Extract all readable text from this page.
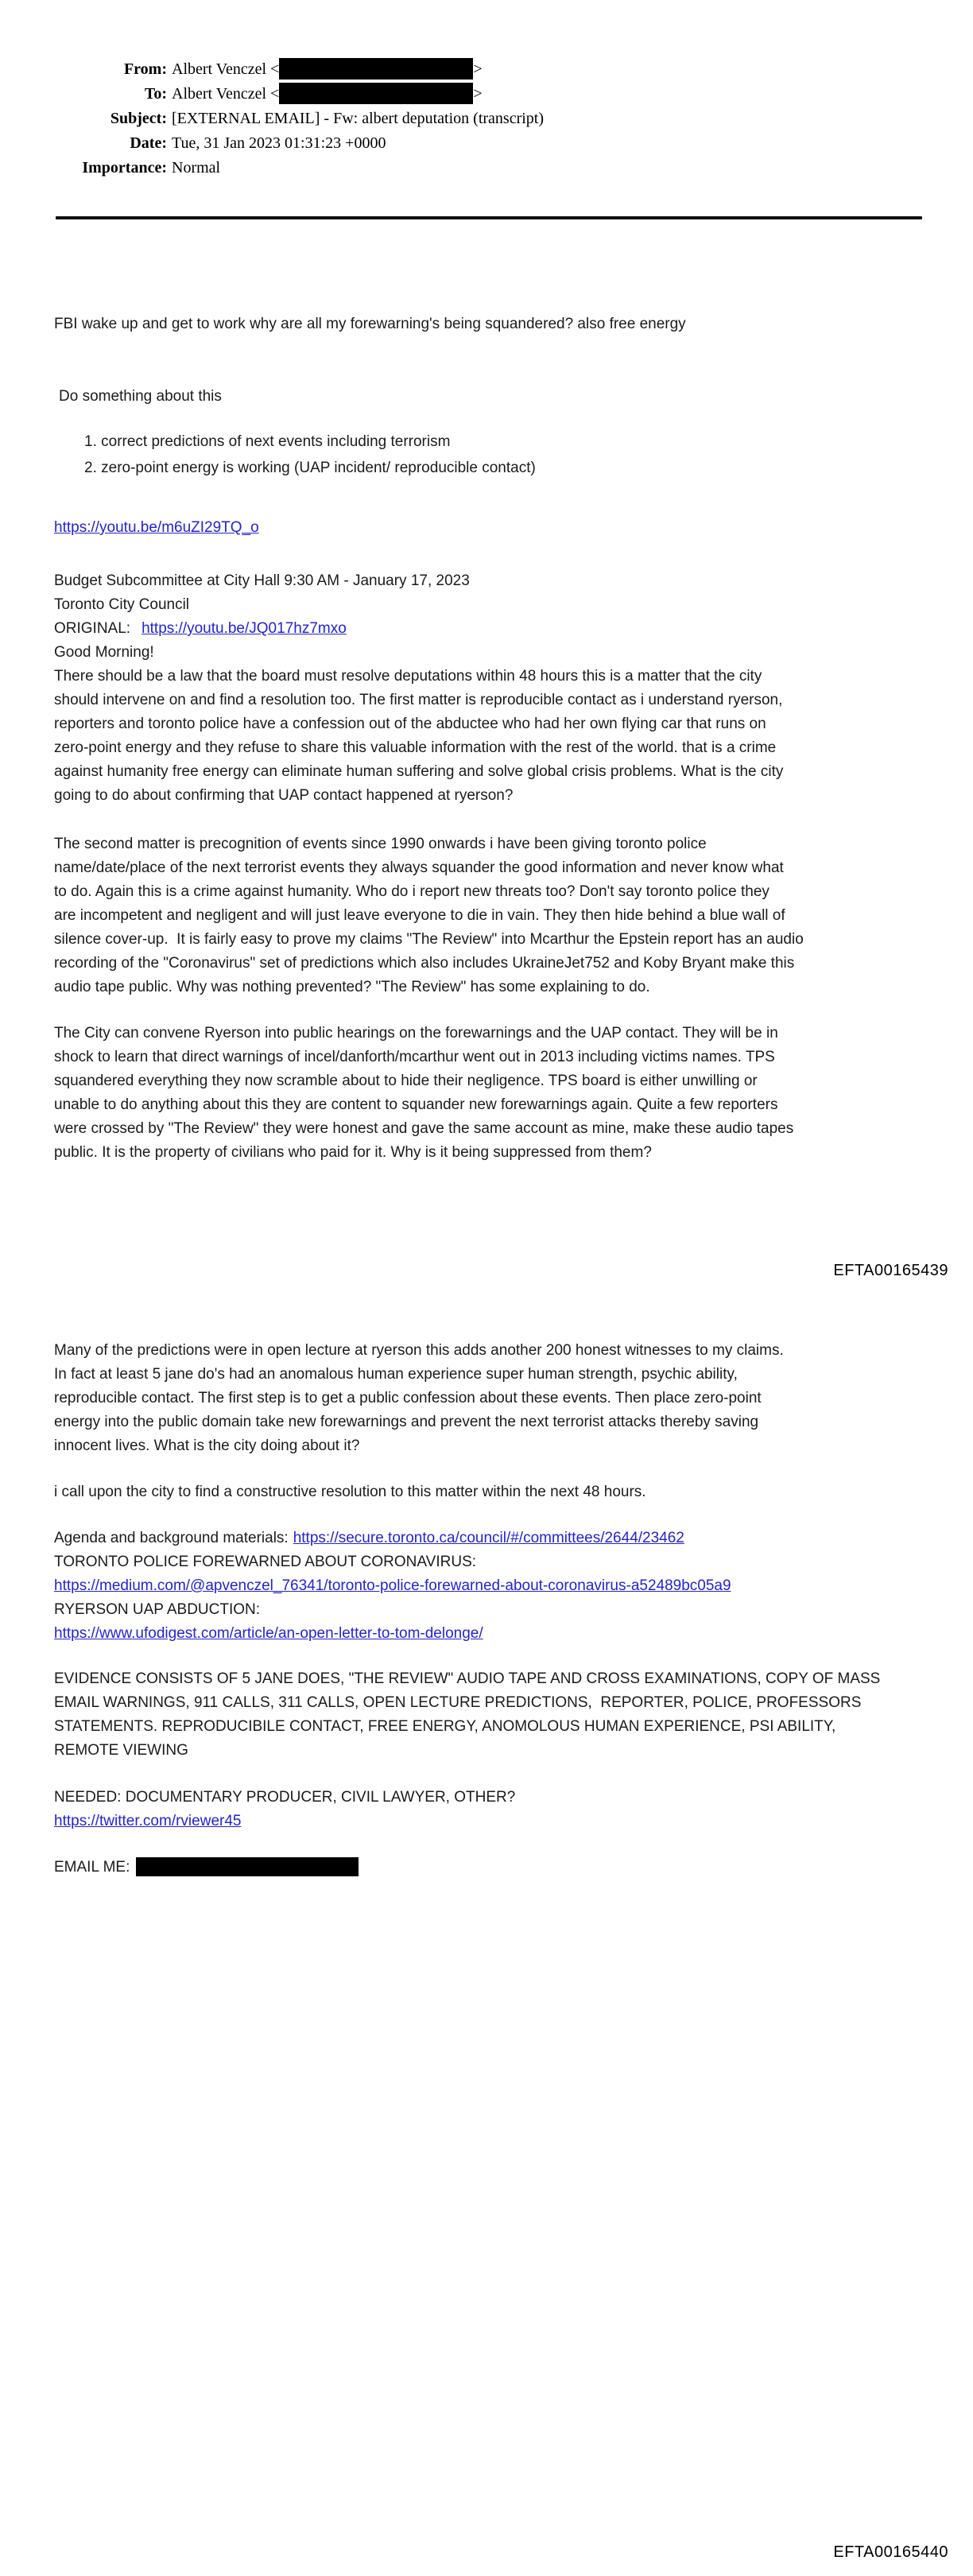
From: Albert Venczel <	>
To: Albert Venczel <	>
Subject: [EXTERNAL EMAIL] - Fw: albert deputation (transcript)
Date: Tue, 31 Jan 2023 01:31:23 +0000
Importance: Normal
FBI wake up and get to work why are all my forewarning's being squandered? also free energy
Do something about this
1. correct predictions of next events including terrorism
2. zero-point energy is working (UAP incident/ reproducible contact)
https://youtu.be/m6uZI29TQ_o
Budget Subcommittee at City Hall 9:30 AM - January 17, 2023
Toronto City Council
ORIGINAL: https://youtu.be/JQ017hz7mxo
Good Morning!
There should be a law that the board must resolve deputations within 48 hours this is a matter that the city
should intervene on and find a resolution too. The first matter is reproducible contact as i understand ryerson,
reporters and toronto police have a confession out of the abductee who had her own flying car that runs on
zero-point energy and they refuse to share this valuable information with the rest of the world. that is a crime
against humanity free energy can eliminate human suffering and solve global crisis problems. What is the city
going to do about confirming that UAP contact happened at ryerson?
The second matter is precognition of events since 1990 onwards i have been giving toronto police
name/date/place of the next terrorist events they always squander the good information and never know what
to do. Again this is a crime against humanity. Who do i report new threats too? Don't say toronto police they
are incompetent and negligent and will just leave everyone to die in vain. They then hide behind a blue wall of
silence cover-up.  It is fairly easy to prove my claims "The Review" into Mcarthur the Epstein report has an audio
recording of the "Coronavirus" set of predictions which also includes UkraineJet752 and Koby Bryant make this
audio tape public. Why was nothing prevented? "The Review" has some explaining to do.
The City can convene Ryerson into public hearings on the forewarnings and the UAP contact. They will be in
shock to learn that direct warnings of incel/danforth/mcarthur went out in 2013 including victims names. TPS
squandered everything they now scramble about to hide their negligence. TPS board is either unwilling or
unable to do anything about this they are content to squander new forewarnings again. Quite a few reporters
were crossed by "The Review" they were honest and gave the same account as mine, make these audio tapes
public. It is the property of civilians who paid for it. Why is it being suppressed from them?
EFTA00165439
Many of the predictions were in open lecture at ryerson this adds another 200 honest witnesses to my claims.
In fact at least 5 jane do's had an anomalous human experience super human strength, psychic ability,
reproducible contact. The first step is to get a public confession about these events. Then place zero-point
energy into the public domain take new forewarnings and prevent the next terrorist attacks thereby saving
innocent lives. What is the city doing about it?
i call upon the city to find a constructive resolution to this matter within the next 48 hours.
Agenda and background materials: https://secure.toronto.ca/council/#/committees/2644/23462
TORONTO POLICE FOREWARNED ABOUT CORONAVIRUS:
https://medium.com/@apvenczel_76341/toronto-police-forewarned-about-coronavirus-a52489bc05a9
RYERSON UAP ABDUCTION:
https://www.ufodigest.com/article/an-open-letter-to-tom-delonge/
EVIDENCE CONSISTS OF 5 JANE DOES, "THE REVIEW" AUDIO TAPE AND CROSS EXAMINATIONS, COPY OF MASS
EMAIL WARNINGS, 911 CALLS, 311 CALLS, OPEN LECTURE PREDICTIONS,  REPORTER, POLICE, PROFESSORS
STATEMENTS. REPRODUCIBILE CONTACT, FREE ENERGY, ANOMOLOUS HUMAN EXPERIENCE, PSI ABILITY,
REMOTE VIEWING
NEEDED: DOCUMENTARY PRODUCER, CIVIL LAWYER, OTHER?
https://twitter.com/rviewer45
EMAIL ME:
EFTA00165440
